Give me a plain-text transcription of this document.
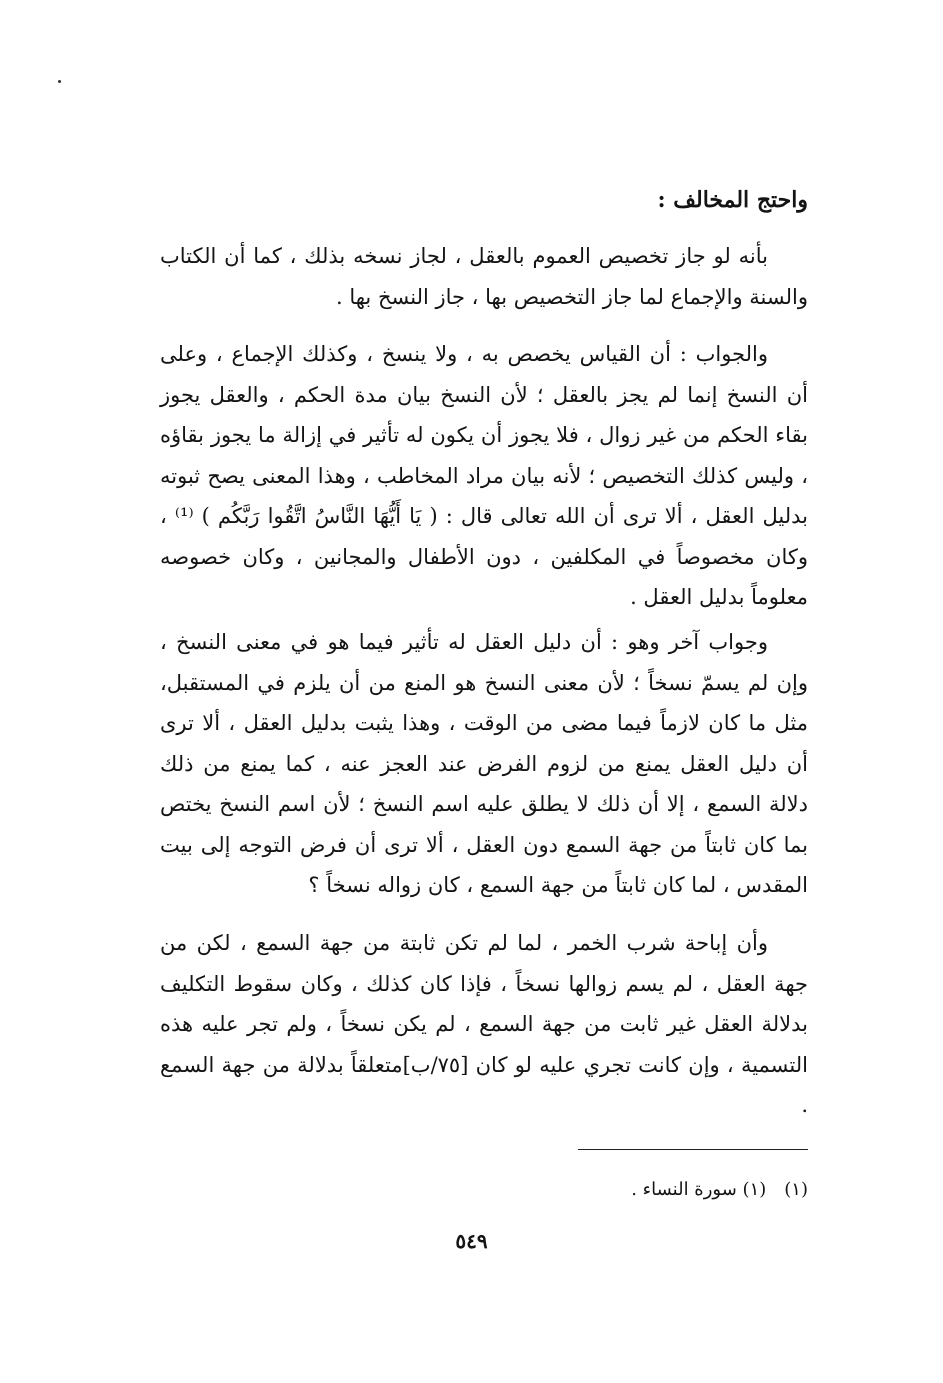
واحتج المخالف :

بأنه لو جاز تخصيص العموم بالعقل ، لجاز نسخه بذلك ، كما أن الكتاب والسنة والإجماع لما جاز التخصيص بها ، جاز النسخ بها .

والجواب : أن القياس يخصص به ، ولا ينسخ ، وكذلك الإجماع ، وعلى أن النسخ إنما لم يجز بالعقل ؛ لأن النسخ بيان مدة الحكم ، والعقل يجوز بقاء الحكم من غير زوال ، فلا يجوز أن يكون له تأثير في إزالة ما يجوز بقاؤه ، وليس كذلك التخصيص ؛ لأنه بيان مراد المخاطب ، وهذا المعنى يصح ثبوته بدليل العقل ، ألا ترى أن الله تعالى قال : ( يَا أَيُّهَا النَّاسُ اتَّقُوا رَبَّكُم ) ⁽¹⁾ ، وكان مخصوصاً في المكلفين ، دون الأطفال والمجانين ، وكان خصوصه معلوماً بدليل العقل .

وجواب آخر وهو : أن دليل العقل له تأثير فيما هو في معنى النسخ ، وإن لم يسمّ نسخاً ؛ لأن معنى النسخ هو المنع من أن يلزم في المستقبل، مثل ما كان لازماً فيما مضى من الوقت ، وهذا يثبت بدليل العقل ، ألا ترى أن دليل العقل يمنع من لزوم الفرض عند العجز عنه ، كما يمنع من ذلك دلالة السمع ، إلا أن ذلك لا يطلق عليه اسم النسخ ؛ لأن اسم النسخ يختص بما كان ثابتاً من جهة السمع دون العقل ، ألا ترى أن فرض التوجه إلى بيت المقدس ، لما كان ثابتاً من جهة السمع ، كان زواله نسخاً ؟

وأن إباحة شرب الخمر ، لما لم تكن ثابتة من جهة السمع ، لكن من جهة العقل ، لم يسم زوالها نسخاً ، فإذا كان كذلك ، وكان سقوط التكليف بدلالة العقل غير ثابت من جهة السمع ، لم يكن نسخاً ، ولم تجر عليه هذه التسمية ، وإن كانت تجري عليه لو كان [٧٥/ب]متعلقاً بدلالة من جهة السمع .

(١)(١) سورة النساء .
٥٤٩
